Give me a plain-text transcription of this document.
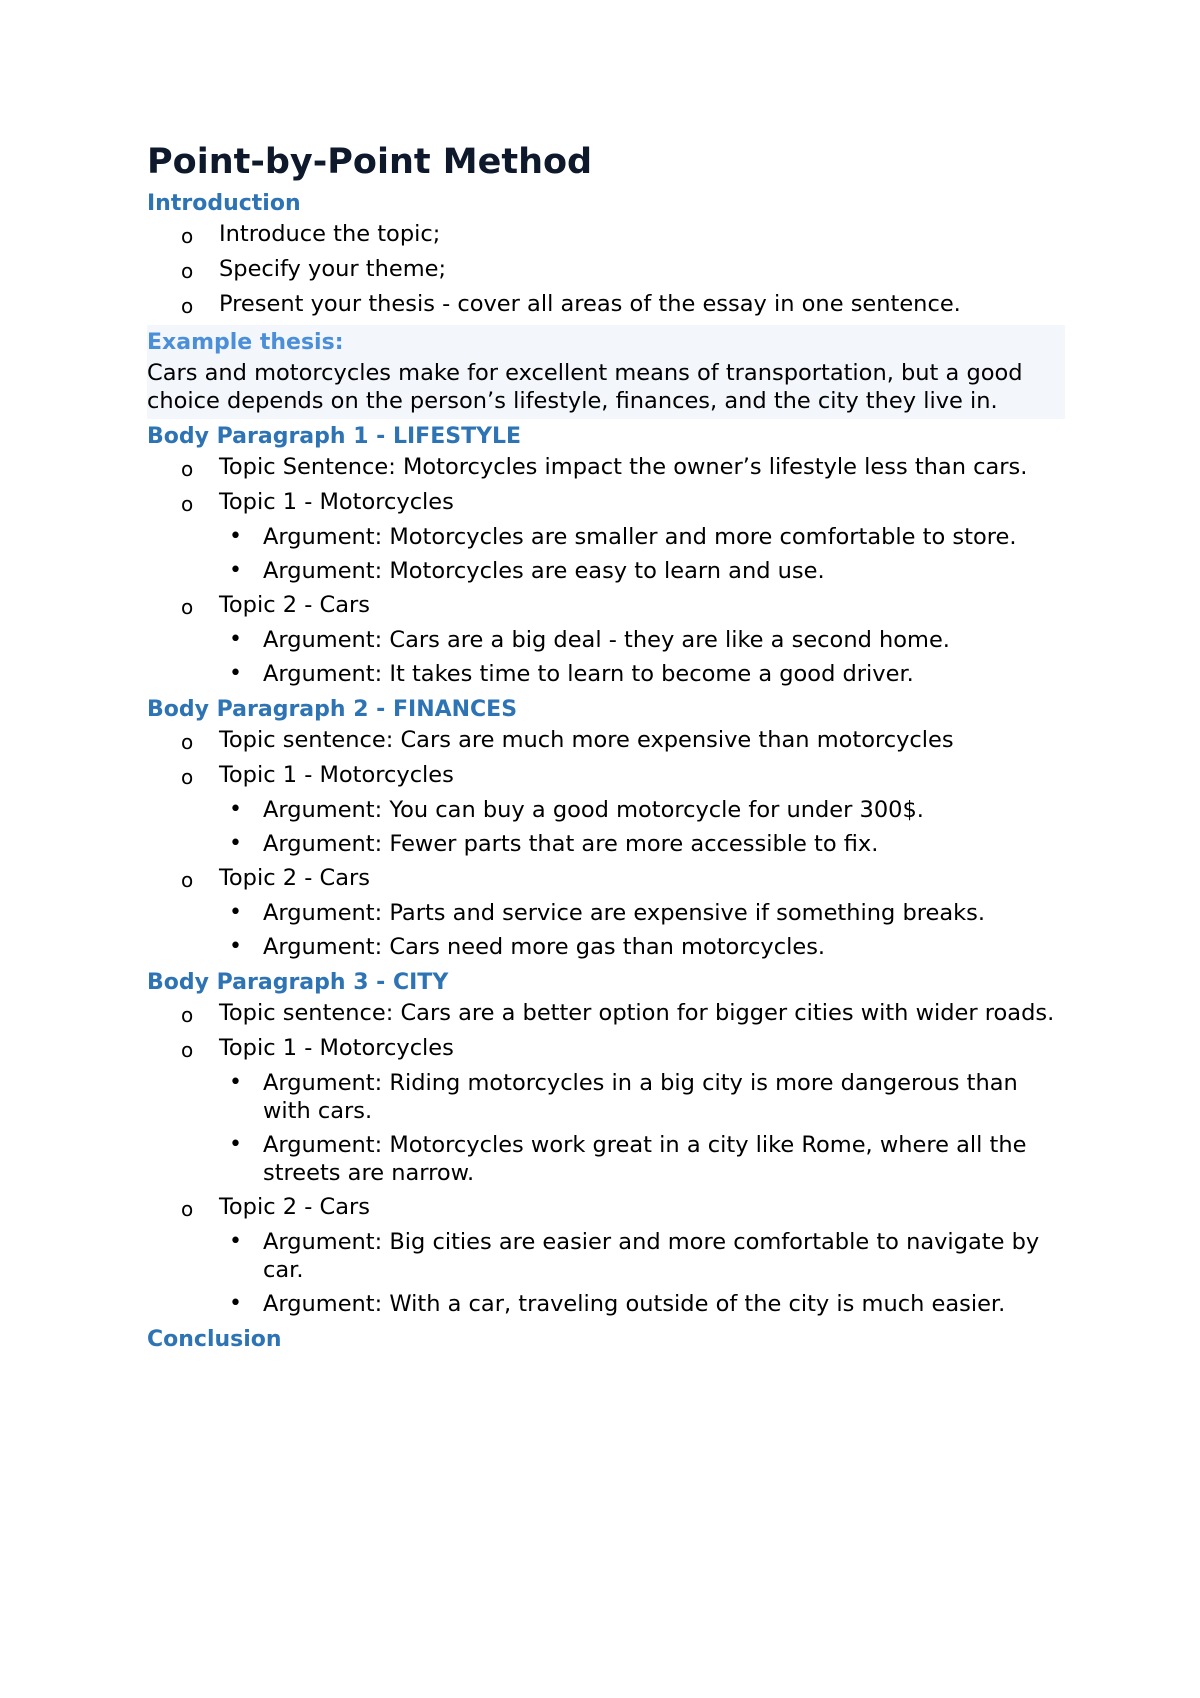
Point-by-Point Method
Introduction
o Introduce the topic;
o Specify your theme;
o Present your thesis - cover all areas of the essay in one sentence.
Example thesis:
Cars and motorcycles make for excellent means of transportation, but a good choice depends on the person’s lifestyle, finances, and the city they live in.
Body Paragraph 1 - LIFESTYLE
o Topic Sentence: Motorcycles impact the owner’s lifestyle less than cars.
o Topic 1 - Motorcycles
• Argument: Motorcycles are smaller and more comfortable to store.
• Argument: Motorcycles are easy to learn and use.
o Topic 2 - Cars
• Argument: Cars are a big deal - they are like a second home.
• Argument: It takes time to learn to become a good driver.
Body Paragraph 2 - FINANCES
o Topic sentence: Cars are much more expensive than motorcycles
o Topic 1 - Motorcycles
• Argument: You can buy a good motorcycle for under 300$.
• Argument: Fewer parts that are more accessible to fix.
o Topic 2 - Cars
• Argument: Parts and service are expensive if something breaks.
• Argument: Cars need more gas than motorcycles.
Body Paragraph 3 - CITY
o Topic sentence: Cars are a better option for bigger cities with wider roads.
o Topic 1 - Motorcycles
• Argument: Riding motorcycles in a big city is more dangerous than with cars.
• Argument: Motorcycles work great in a city like Rome, where all the streets are narrow.
o Topic 2 - Cars
• Argument: Big cities are easier and more comfortable to navigate by car.
• Argument: With a car, traveling outside of the city is much easier.
Conclusion
